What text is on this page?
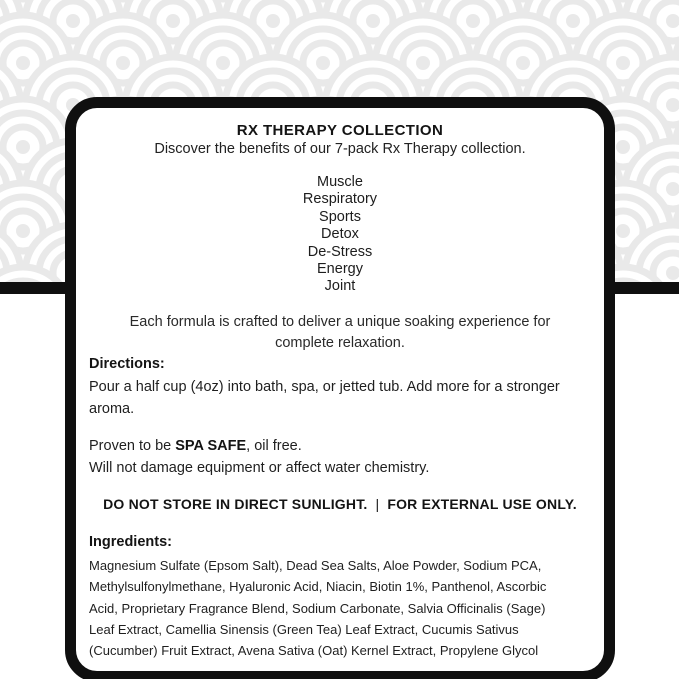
RX THERAPY COLLECTION
Discover the benefits of our 7-pack Rx Therapy collection.
Muscle
Respiratory
Sports
Detox
De-Stress
Energy
Joint
Each formula is crafted to deliver a unique soaking experience for complete relaxation.
Directions:
Pour a half cup (4oz) into bath, spa, or jetted tub. Add more for a stronger aroma.
Proven to be SPA SAFE, oil free.
Will not damage equipment or affect water chemistry.
DO NOT STORE IN DIRECT SUNLIGHT. | FOR EXTERNAL USE ONLY.
Ingredients:
Magnesium Sulfate (Epsom Salt), Dead Sea Salts, Aloe Powder, Sodium PCA, Methylsulfonylmethane, Hyaluronic Acid, Niacin, Biotin 1%, Panthenol, Ascorbic Acid, Proprietary Fragrance Blend, Sodium Carbonate, Salvia Officinalis (Sage) Leaf Extract, Camellia Sinensis (Green Tea) Leaf Extract, Cucumis Sativus (Cucumber) Fruit Extract, Avena Sativa (Oat) Kernel Extract, Propylene Glycol
